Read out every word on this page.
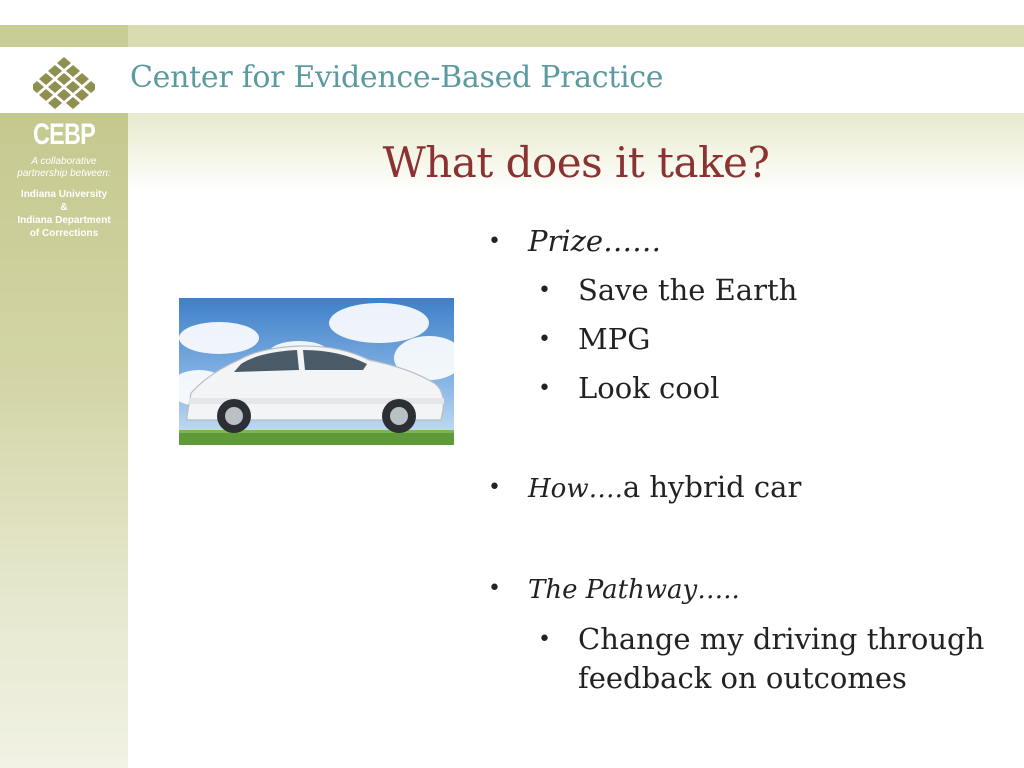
Center for Evidence-Based Practice
CEBP
A collaborative
partnership between:
Indiana University
&
Indiana Department
of Corrections
What does it take?
• Prize……
• Save the Earth
• MPG
• Look cool
• How….a hybrid car
• The Pathway…..
• Change my driving through
feedback on outcomes
